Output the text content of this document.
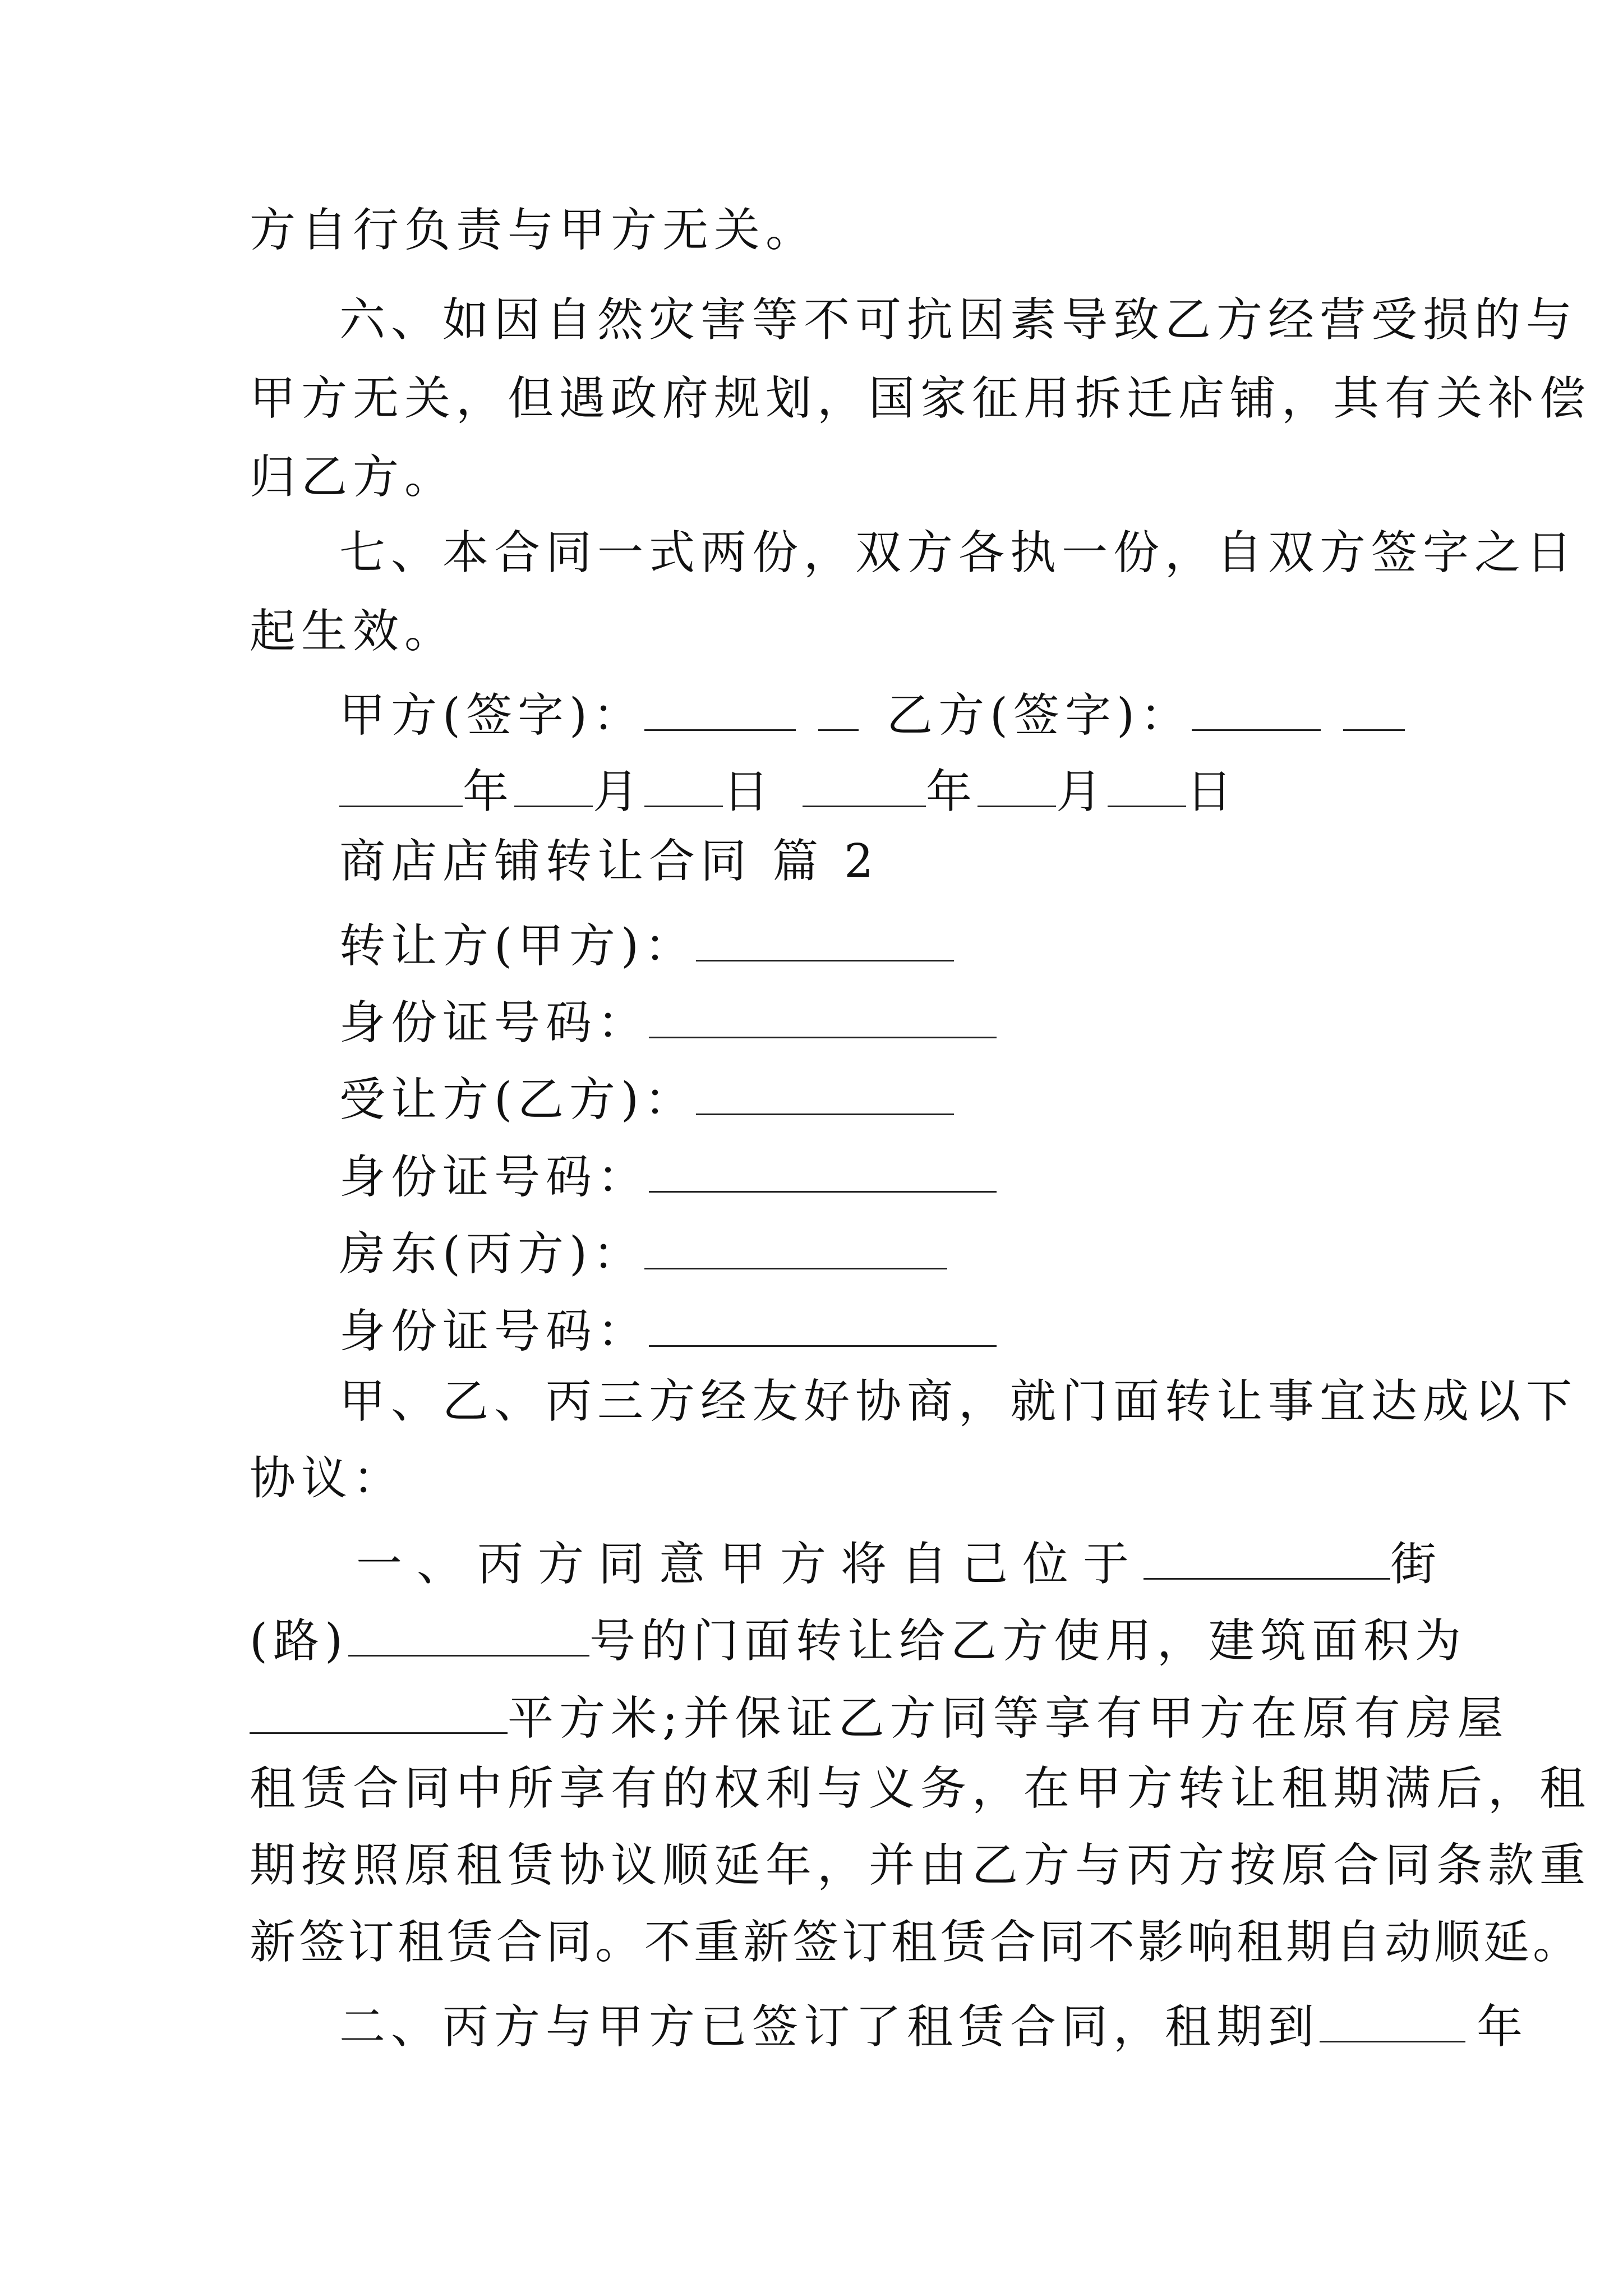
方自行负责与甲方无关。
六、如因自然灾害等不可抗因素导致乙方经营受损的与
甲方无关，但遇政府规划，国家征用拆迁店铺，其有关补偿
归乙方。
七、本合同一式两份，双方各执一份，自双方签字之日
起生效。
甲方(签字)：	乙方(签字)：
年 月 日	年 月 日
商店店铺转让合同 篇 2
转让方(甲方)：
身份证号码：
受让方(乙方)：
身份证号码：
房东(丙方)：
身份证号码：
甲、乙、丙三方经友好协商，就门面转让事宜达成以下
协议：
一、丙方同意甲方将自己位于	街
(路)	号的门面转让给乙方使用，建筑面积为
平方米;并保证乙方同等享有甲方在原有房屋
租赁合同中所享有的权利与义务，在甲方转让租期满后，租
期按照原租赁协议顺延年，并由乙方与丙方按原合同条款重
新签订租赁合同。不重新签订租赁合同不影响租期自动顺延。
二、丙方与甲方已签订了租赁合同，租期到	年
